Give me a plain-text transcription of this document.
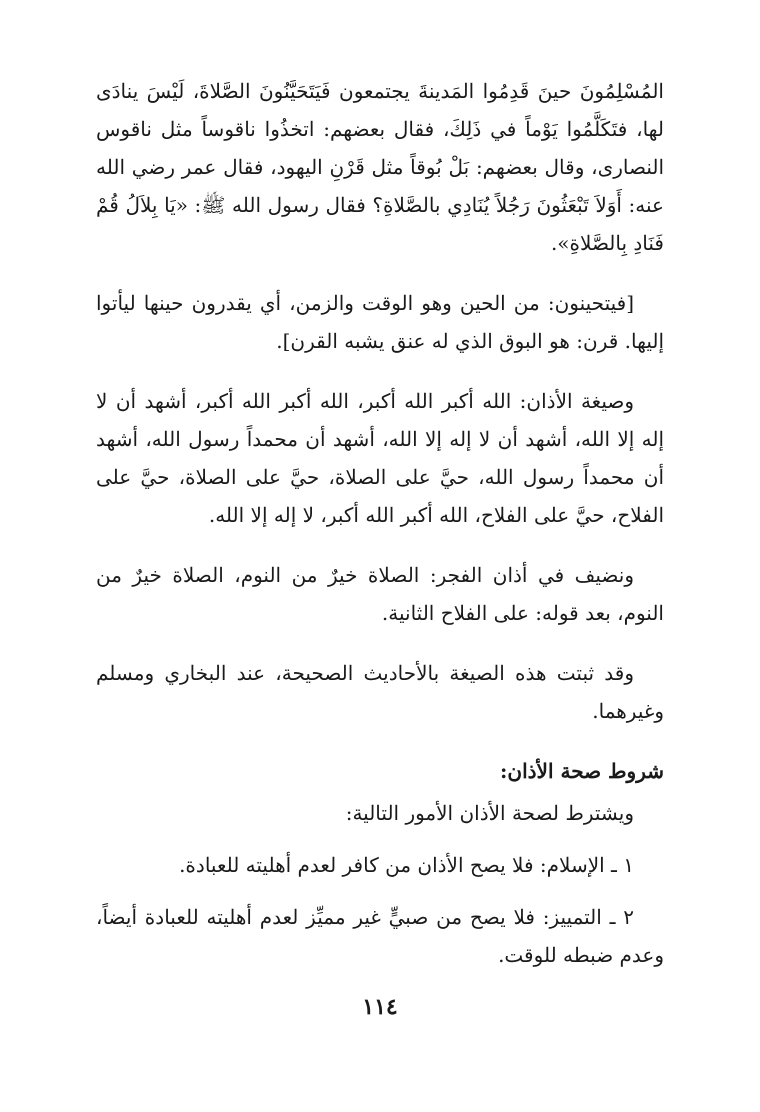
المُسْلِمُونَ حينَ قَدِمُوا المَدينةَ يجتمعون فَيَتَحَيَّنُونَ الصَّلاةَ، لَيْسَ ينادَى لها، فتَكَلَّمُوا يَوْماً في ذَلِكَ، فقال بعضهم: اتخذُوا ناقوساً مثل ناقوس النصارى، وقال بعضهم: بَلْ بُوقاً مثل قَرْنِ اليهود، فقال عمر رضي الله عنه: أَوَلاَ تَبْعَثُونَ رَجُلاً يُنَادِي بالصَّلاةِ؟ فقال رسول الله ﷺ: «يَا بِلاَلُ قُمْ فَنَادِ بِالصَّلاةِ».

[فيتحينون: من الحين وهو الوقت والزمن، أي يقدرون حينها ليأتوا إليها. قرن: هو البوق الذي له عنق يشبه القرن].

وصيغة الأذان: الله أكبر الله أكبر، الله أكبر الله أكبر، أشهد أن لا إله إلا الله، أشهد أن لا إله إلا الله، أشهد أن محمداً رسول الله، أشهد أن محمداً رسول الله، حيَّ على الصلاة، حيَّ على الصلاة، حيَّ على الفلاح، حيَّ على الفلاح، الله أكبر الله أكبر، لا إله إلا الله.

ونضيف في أذان الفجر: الصلاة خيرٌ من النوم، الصلاة خيرٌ من النوم، بعد قوله: على الفلاح الثانية.

وقد ثبتت هذه الصيغة بالأحاديث الصحيحة، عند البخاري ومسلم وغيرهما.

شروط صحة الأذان:

ويشترط لصحة الأذان الأمور التالية:

١ ـ الإسلام: فلا يصح الأذان من كافر لعدم أهليته للعبادة.

٢ ـ التمييز: فلا يصح من صبيٍّ غير مميِّز لعدم أهليته للعبادة أيضاً، وعدم ضبطه للوقت.

١١٤
